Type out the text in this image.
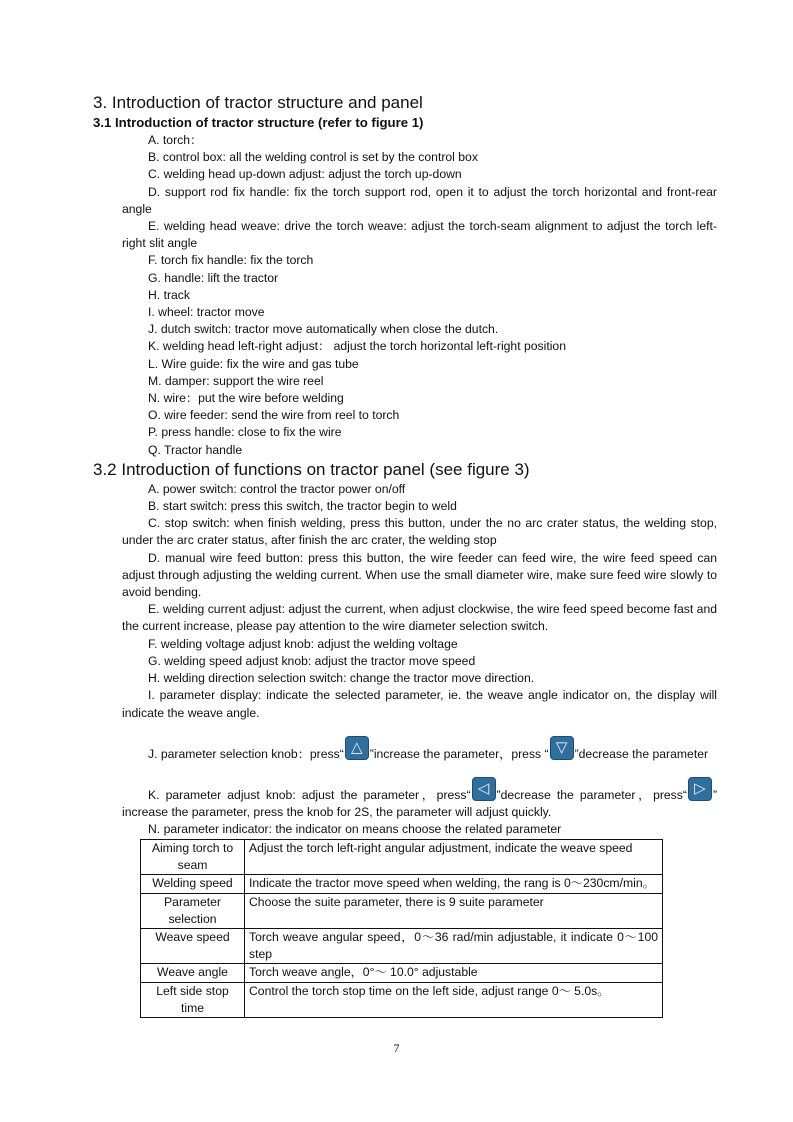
3. Introduction of tractor structure and panel
3.1 Introduction of tractor structure (refer to figure 1)

A. torch：

B. control box: all the welding control is set by the control box

C. welding head up-down adjust: adjust the torch up-down

D. support rod fix handle: fix the torch support rod, open it to adjust the torch horizontal and front-rear angle

E. welding head weave: drive the torch weave: adjust the torch-seam alignment to adjust the torch left-right slit angle

F. torch fix handle: fix the torch

G. handle: lift the tractor

H. track

I. wheel: tractor move

J. dutch switch: tractor move automatically when close the dutch.

K. welding head left-right adjust： adjust the torch horizontal left-right position

L. Wire guide: fix the wire and gas tube

M. damper: support the wire reel

N. wire：put the wire before welding

O. wire feeder: send the wire from reel to torch

P. press handle: close to fix the wire

Q. Tractor handle

3.2 Introduction of functions on tractor panel (see figure 3)

A. power switch: control the tractor power on/off

B. start switch: press this switch, the tractor begin to weld

C. stop switch: when finish welding, press this button, under the no arc crater status, the welding stop, under the arc crater status, after finish the arc crater, the welding stop

D. manual wire feed button: press this button, the wire feeder can feed wire, the wire feed speed can adjust through adjusting the welding current. When use the small diameter wire, make sure feed wire slowly to avoid bending.

E. welding current adjust: adjust the current, when adjust clockwise, the wire feed speed become fast and the current increase, please pay attention to the wire diameter selection switch.

F. welding voltage adjust knob: adjust the welding voltage

G. welding speed adjust knob: adjust the tractor move speed

H. welding direction selection switch: change the tractor move direction.

I. parameter display: indicate the selected parameter, ie. the weave angle indicator on, the display will indicate the weave angle.

J. parameter selection knob：press“ △ ”increase the parameter，press “ ▽ ”decrease the parameter

K. parameter adjust knob: adjust the parameter，press“ ◁ ”decrease the parameter，press“ ▷ ” increase the parameter, press the knob for 2S, the parameter will adjust quickly.

N. parameter indicator: the indicator on means choose the related parameter

Aiming torch to seam	Adjust the torch left-right angular adjustment, indicate the weave speed
Welding speed	Indicate the tractor move speed when welding, the rang is 0～230cm/min。
Parameter selection	Choose the suite parameter, there is 9 suite parameter
Weave speed	Torch weave angular speed，0～36 rad/min adjustable, it indicate 0～100 step
Weave angle	Torch weave angle，0°～ 10.0° adjustable
Left side stop time	Control the torch stop time on the left side, adjust range 0～ 5.0s。
7
